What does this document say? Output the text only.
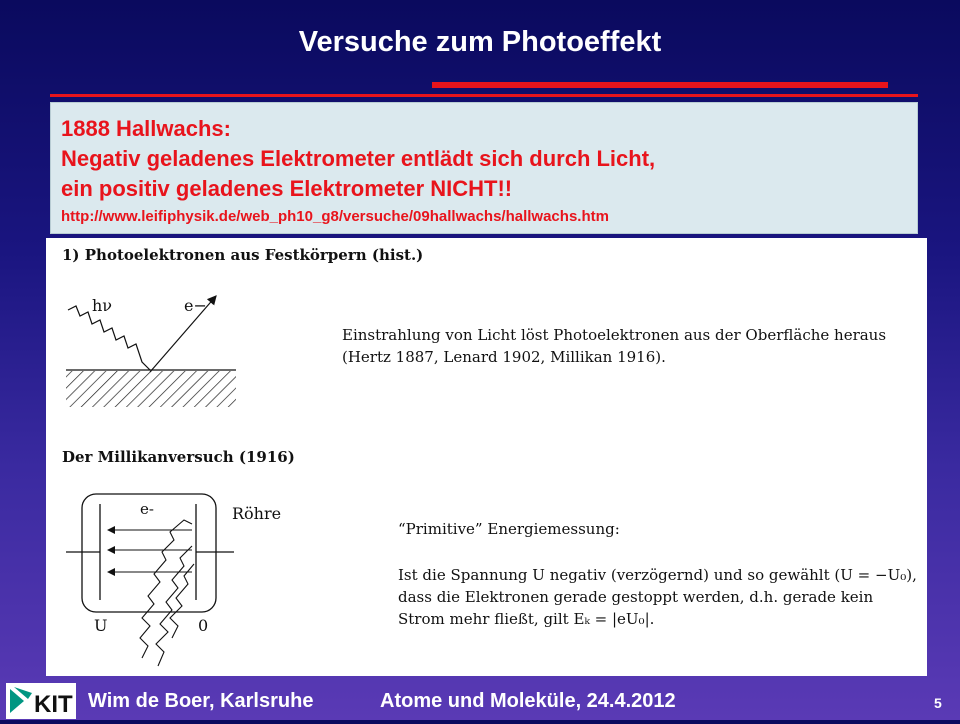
Versuche zum Photoeffekt
1888 Hallwachs:
Negativ geladenes Elektrometer entlädt sich durch Licht,
ein positiv geladenes Elektrometer NICHT!!
http://www.leifiphysik.de/web_ph10_g8/versuche/09hallwachs/hallwachs.htm
1) Photoelektronen aus Festkörpern (hist.)
hν	e−
Einstrahlung von Licht löst Photoelektronen aus der Oberfläche heraus (Hertz 1887, Lenard 1902, Millikan 1916).
Der Millikanversuch (1916)
e-	Röhre
U	0
“Primitive” Energiemessung:
Ist die Spannung U negativ (verzögernd) und so gewählt (U = −U₀), dass die Elektronen gerade gestoppt werden, d.h. gerade kein Strom mehr fließt, gilt Eₖ = |eU₀|.
KIT Wim de Boer, Karlsruhe	Atome und Moleküle, 24.4.2012	5
